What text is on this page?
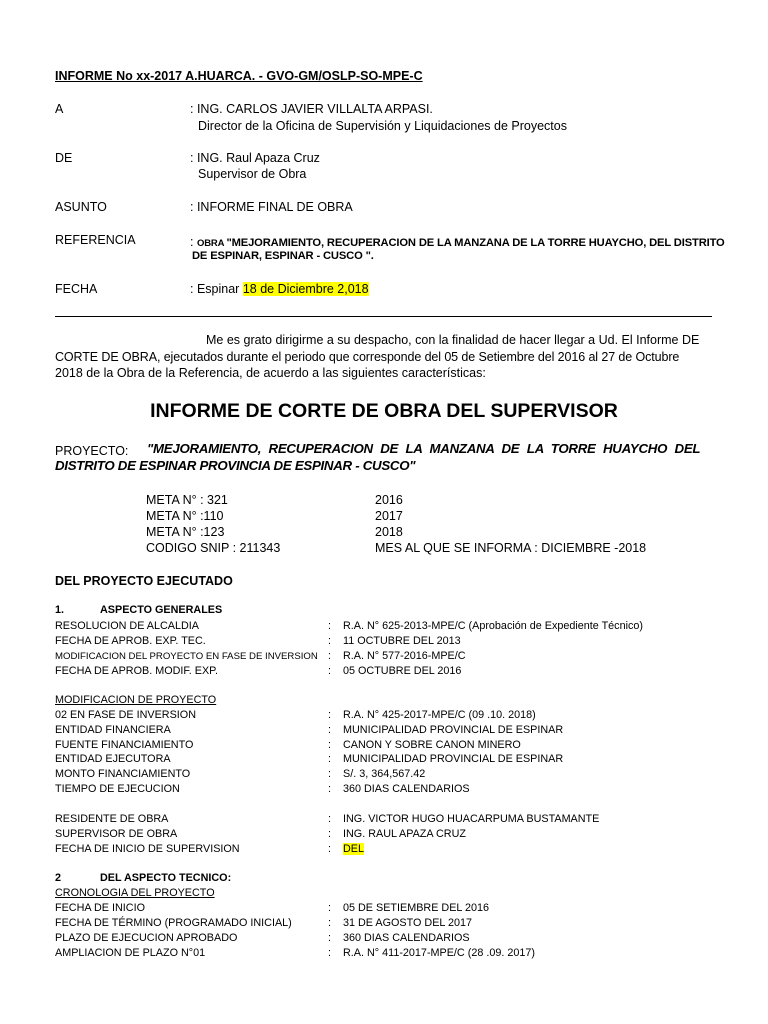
INFORME No xx-2017 A.HUARCA. - GVO-GM/OSLP-SO-MPE-C
A	: ING. CARLOS JAVIER VILLALTA ARPASI.
Director de la Oficina de Supervisión y Liquidaciones de Proyectos
DE	: ING. Raul Apaza Cruz
Supervisor de Obra
ASUNTO	: INFORME FINAL DE OBRA
REFERENCIA	: OBRA "MEJORAMIENTO, RECUPERACION DE LA MANZANA DE LA TORRE HUAYCHO, DEL DISTRITO
DE ESPINAR, ESPINAR - CUSCO ".
FECHA	: Espinar 18 de Diciembre 2,018
Me es grato dirigirme a su despacho, con la finalidad de hacer llegar a Ud. El Informe DE
CORTE DE OBRA, ejecutados durante el periodo que corresponde del 05 de Setiembre del 2016 al 27 de Octubre
2018 de la Obra de la Referencia, de acuerdo a las siguientes características:
INFORME DE CORTE DE OBRA DEL SUPERVISOR
PROYECTO: "MEJORAMIENTO, RECUPERACION DE LA MANZANA DE LA TORRE HUAYCHO DEL
DISTRITO DE ESPINAR PROVINCIA DE ESPINAR - CUSCO"
META N° : 321	2016
META N° :110	2017
META N° :123	2018
CODIGO SNIP : 211343	MES AL QUE SE INFORMA : DICIEMBRE -2018
DEL PROYECTO EJECUTADO
1.	ASPECTO GENERALES
RESOLUCION DE ALCALDIA	: R.A. N° 625-2013-MPE/C (Aprobación de Expediente Técnico)
FECHA DE APROB. EXP. TEC.	: 11 OCTUBRE DEL 2013
MODIFICACION DEL PROYECTO EN FASE DE INVERSION : R.A. N° 577-2016-MPE/C
FECHA DE APROB. MODIF. EXP.	: 05 OCTUBRE DEL 2016
MODIFICACION DE PROYECTO
02 EN FASE DE INVERSION	: R.A. N° 425-2017-MPE/C (09 .10. 2018)
ENTIDAD FINANCIERA	: MUNICIPALIDAD PROVINCIAL DE ESPINAR
FUENTE FINANCIAMIENTO	: CANON Y SOBRE CANON MINERO
ENTIDAD EJECUTORA	: MUNICIPALIDAD PROVINCIAL DE ESPINAR
MONTO FINANCIAMIENTO	: S/. 3, 364,567.42
TIEMPO DE EJECUCION	: 360 DIAS CALENDARIOS
RESIDENTE DE OBRA	: ING. VICTOR HUGO HUACARPUMA BUSTAMANTE
SUPERVISOR DE OBRA	: ING. RAUL APAZA CRUZ
FECHA DE INICIO DE SUPERVISION	: DEL
2	DEL ASPECTO TECNICO:
CRONOLOGIA DEL PROYECTO
FECHA DE INICIO	: 05 DE SETIEMBRE DEL 2016
FECHA DE TÉRMINO (PROGRAMADO INICIAL)	: 31 DE AGOSTO DEL 2017
PLAZO DE EJECUCION APROBADO	: 360 DIAS CALENDARIOS
AMPLIACION DE PLAZO N°01	: R.A. N° 411-2017-MPE/C (28 .09. 2017)
